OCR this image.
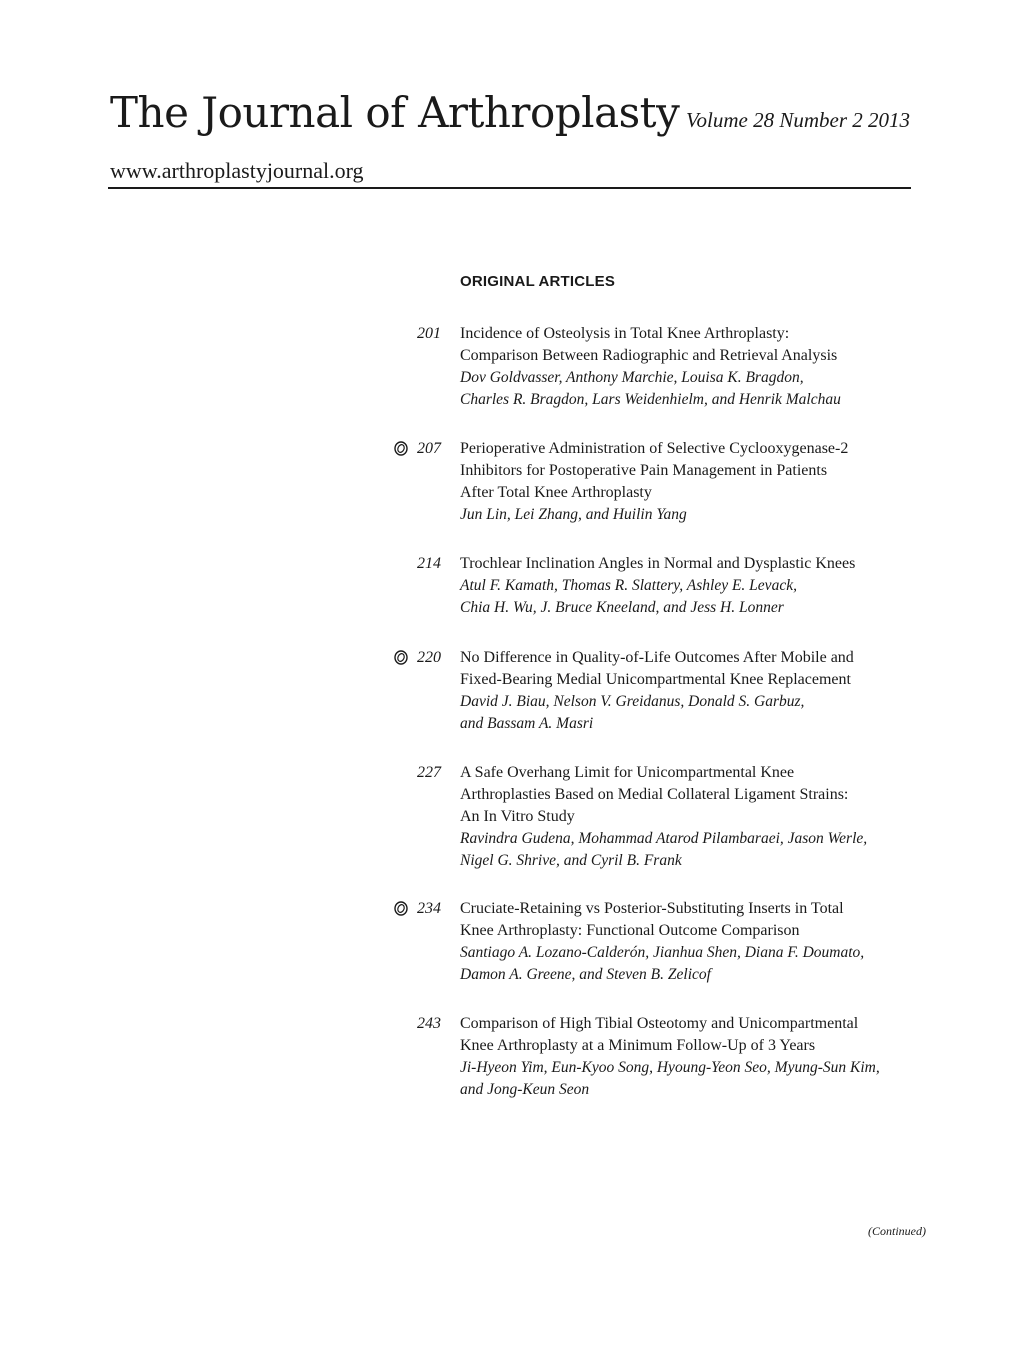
The Journal of Arthroplasty Volume 28 Number 2 2013
www.arthroplastyjournal.org
ORIGINAL ARTICLES
201 Incidence of Osteolysis in Total Knee Arthroplasty:
Comparison Between Radiographic and Retrieval Analysis
Dov Goldvasser, Anthony Marchie, Louisa K. Bragdon,
Charles R. Bragdon, Lars Weidenhielm, and Henrik Malchau
207 Perioperative Administration of Selective Cyclooxygenase-2
Inhibitors for Postoperative Pain Management in Patients
After Total Knee Arthroplasty
Jun Lin, Lei Zhang, and Huilin Yang
214 Trochlear Inclination Angles in Normal and Dysplastic Knees
Atul F. Kamath, Thomas R. Slattery, Ashley E. Levack,
Chia H. Wu, J. Bruce Kneeland, and Jess H. Lonner
220 No Difference in Quality-of-Life Outcomes After Mobile and
Fixed-Bearing Medial Unicompartmental Knee Replacement
David J. Biau, Nelson V. Greidanus, Donald S. Garbuz,
and Bassam A. Masri
227 A Safe Overhang Limit for Unicompartmental Knee
Arthroplasties Based on Medial Collateral Ligament Strains:
An In Vitro Study
Ravindra Gudena, Mohammad Atarod Pilambaraei, Jason Werle,
Nigel G. Shrive, and Cyril B. Frank
234 Cruciate-Retaining vs Posterior-Substituting Inserts in Total
Knee Arthroplasty: Functional Outcome Comparison
Santiago A. Lozano-Calderón, Jianhua Shen, Diana F. Doumato,
Damon A. Greene, and Steven B. Zelicof
243 Comparison of High Tibial Osteotomy and Unicompartmental
Knee Arthroplasty at a Minimum Follow-Up of 3 Years
Ji-Hyeon Yim, Eun-Kyoo Song, Hyoung-Yeon Seo, Myung-Sun Kim,
and Jong-Keun Seon
(Continued)
